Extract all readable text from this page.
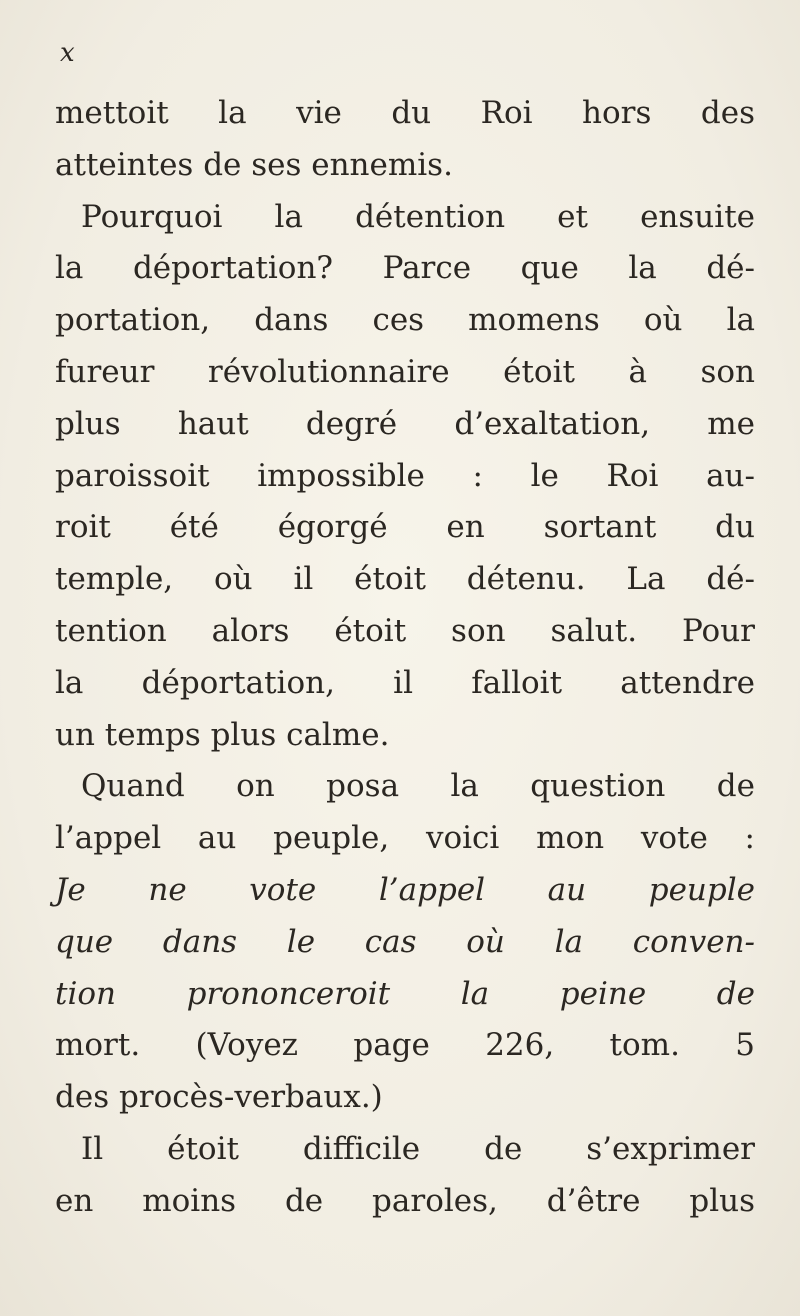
x
mettoit la vie du Roi hors des
atteintes de ses ennemis.
Pourquoi la détention et ensuite
la déportation? Parce que la dé-
portation, dans ces momens où la
fureur révolutionnaire étoit à son
plus haut degré d’exaltation, me
paroissoit impossible : le Roi au-
roit été égorgé en sortant du
temple, où il étoit détenu. La dé-
tention alors étoit son salut. Pour
la déportation, il falloit attendre
un temps plus calme.
Quand on posa la question de
l’appel au peuple, voici mon vote :
Je ne vote l’appel au peuple
que dans le cas où la conven-
tion prononceroit la peine de
mort. (Voyez page 226, tom. 5
des procès-verbaux.)
Il étoit difficile de s’exprimer
en moins de paroles, d’être plus
